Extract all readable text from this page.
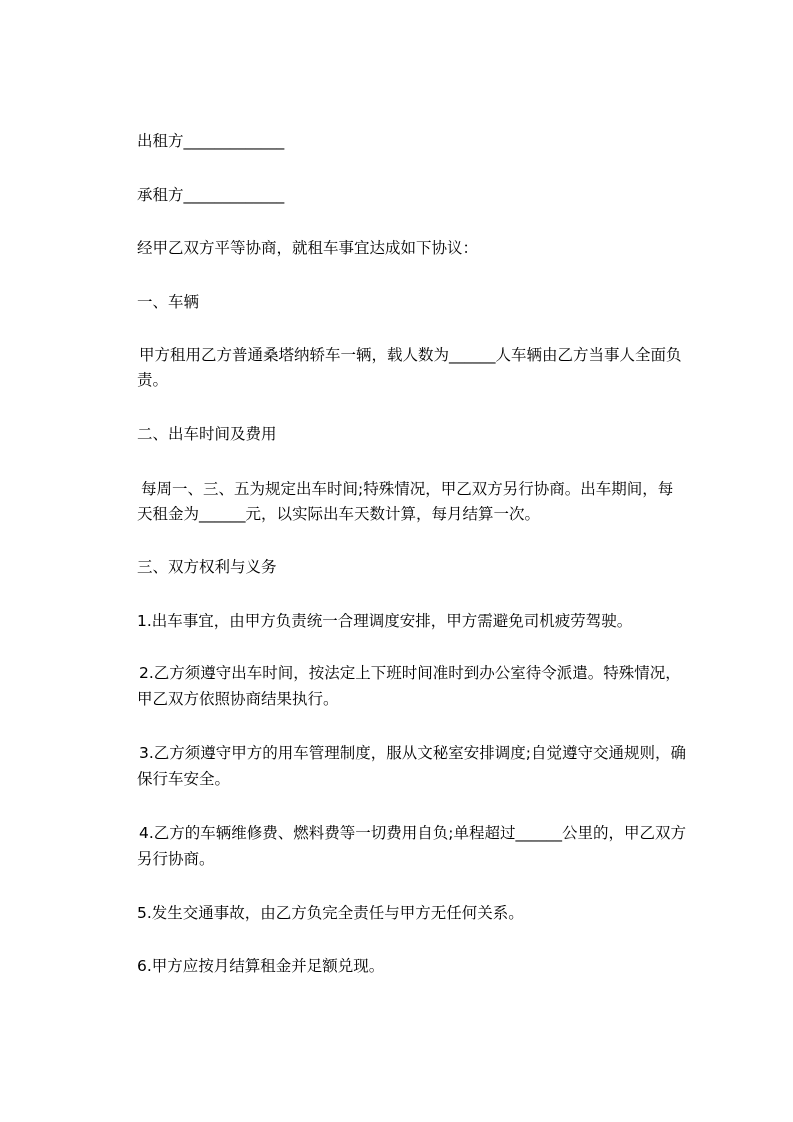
出租方_____________
承租方_____________
经甲乙双方平等协商，就租车事宜达成如下协议：
一、车辆
甲方租用乙方普通桑塔纳轿车一辆，载人数为______人车辆由乙方当事人全面负
责。
二、出车时间及费用
每周一、三、五为规定出车时间;特殊情况，甲乙双方另行协商。出车期间，每
天租金为______元，以实际出车天数计算，每月结算一次。
三、双方权利与义务
1.出车事宜，由甲方负责统一合理调度安排，甲方需避免司机疲劳驾驶。
2.乙方须遵守出车时间，按法定上下班时间准时到办公室待令派遣。特殊情况，
甲乙双方依照协商结果执行。
3.乙方须遵守甲方的用车管理制度，服从文秘室安排调度;自觉遵守交通规则，确
保行车安全。
4.乙方的车辆维修费、燃料费等一切费用自负;单程超过______公里的，甲乙双方
另行协商。
5.发生交通事故，由乙方负完全责任与甲方无任何关系。
6.甲方应按月结算租金并足额兑现。
